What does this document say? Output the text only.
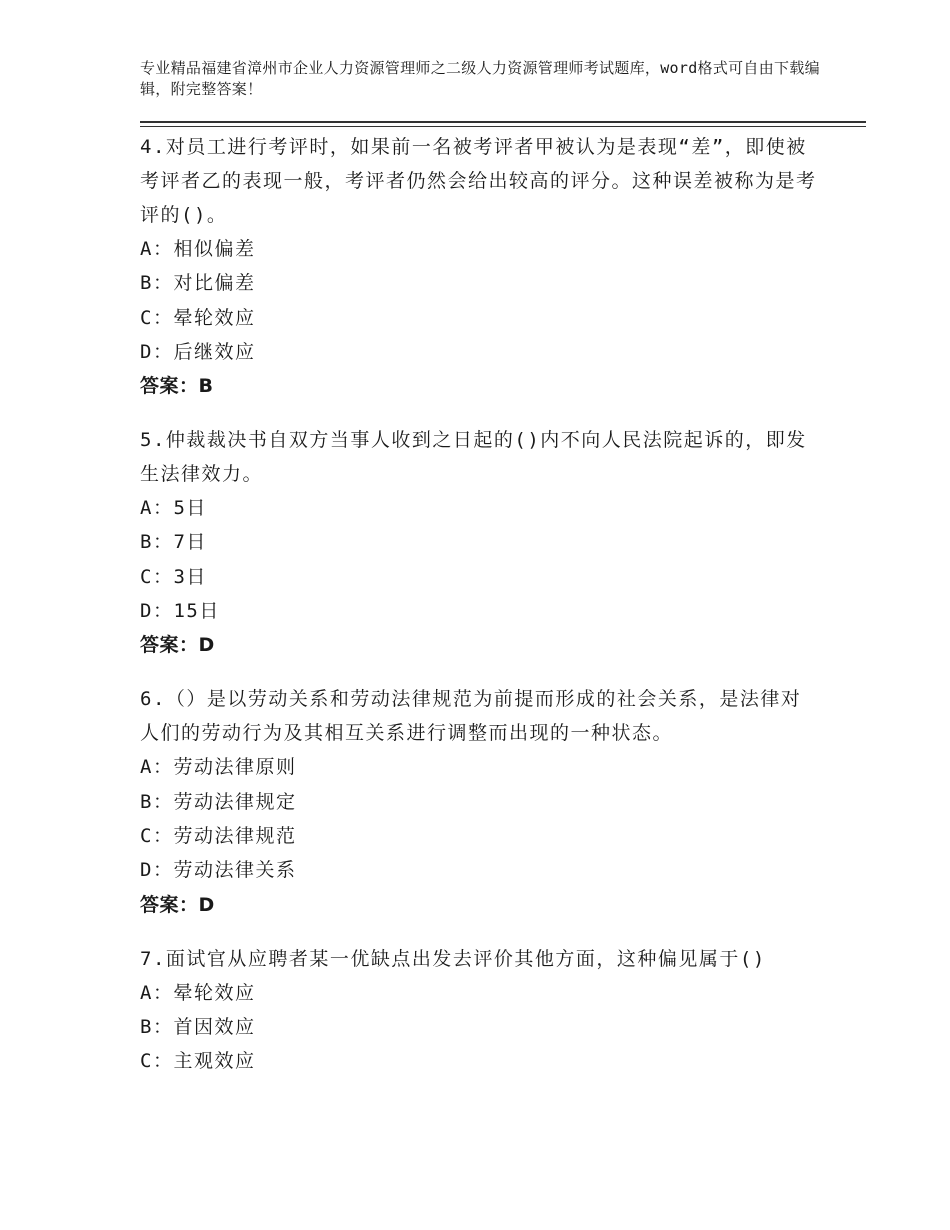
专业精品福建省漳州市企业人力资源管理师之二级人力资源管理师考试题库，word格式可自由下载编辑，附完整答案！
4.对员工进行考评时，如果前一名被考评者甲被认为是表现“差”，即使被考评者乙的表现一般，考评者仍然会给出较高的评分。这种误差被称为是考评的()。
A：相似偏差
B：对比偏差
C：晕轮效应
D：后继效应
答案：B
5.仲裁裁决书自双方当事人收到之日起的()内不向人民法院起诉的，即发生法律效力。
A：5日
B：7日
C：3日
D：15日
答案：D
6.（）是以劳动关系和劳动法律规范为前提而形成的社会关系，是法律对人们的劳动行为及其相互关系进行调整而出现的一种状态。
A：劳动法律原则
B：劳动法律规定
C：劳动法律规范
D：劳动法律关系
答案：D
7.面试官从应聘者某一优缺点出发去评价其他方面，这种偏见属于()
A：晕轮效应
B：首因效应
C：主观效应
